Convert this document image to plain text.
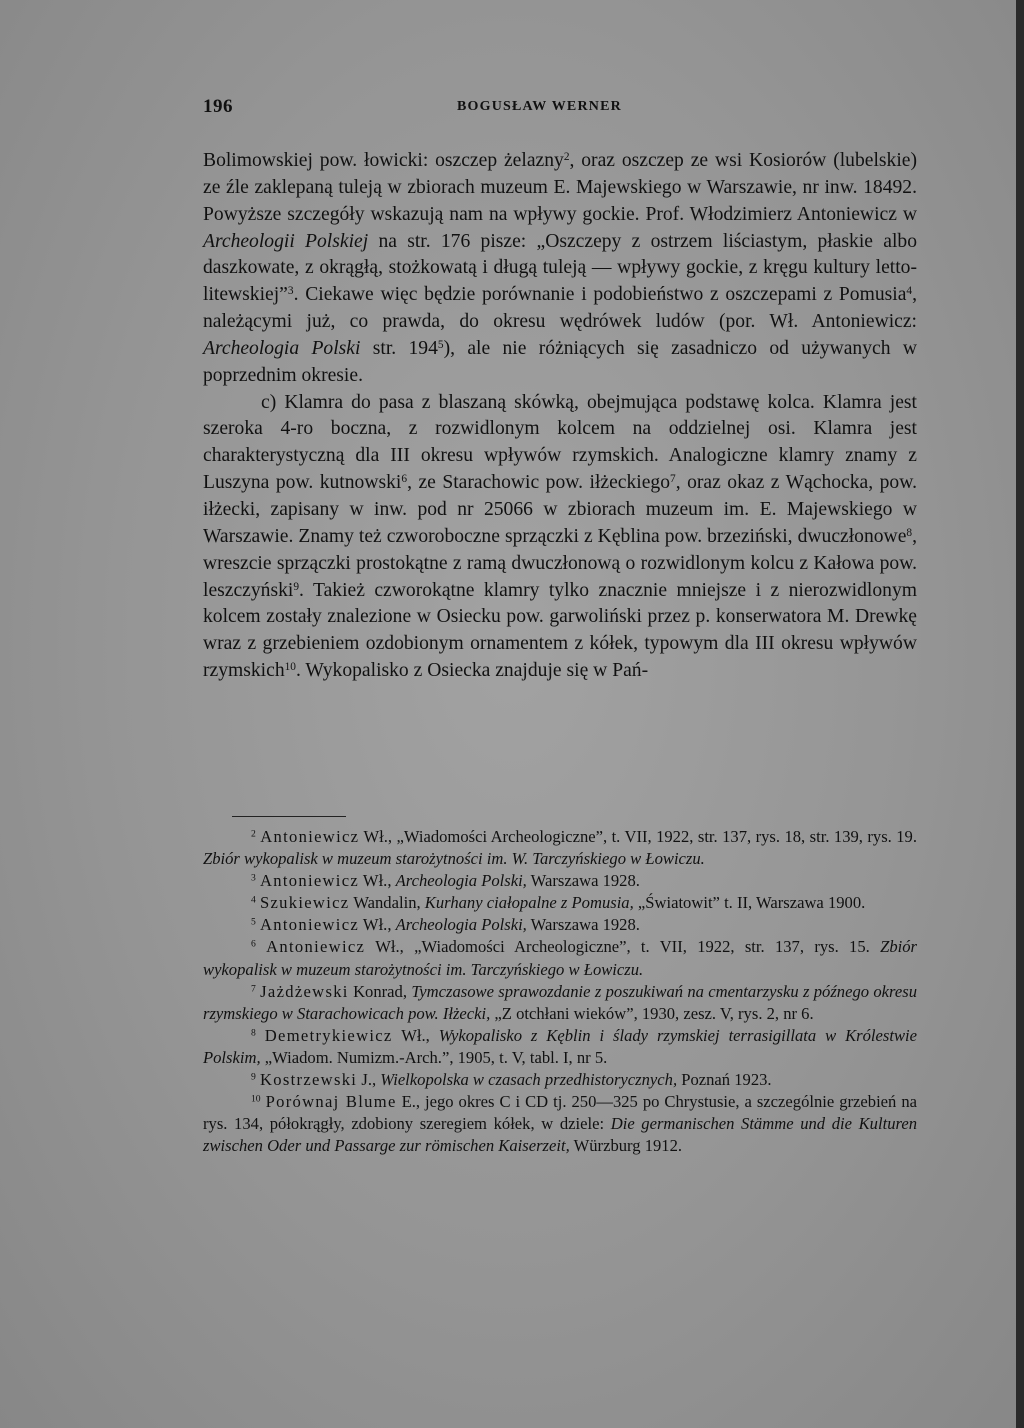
196	BOGUSŁAW WERNER

Bolimowskiej pow. łowicki: oszczep żelazny$^2$, oraz oszczep ze wsi Kosiorów (lubelskie) ze źle zaklepaną tuleją w zbiorach muzeum E. Majewskiego w Warszawie, nr inw. 18492. Powyższe szczegóły wskazują nam na wpływy gockie. Prof. Włodzimierz Antoniewicz w Archeologii Polskiej na str. 176 pisze: „Oszczepy z ostrzem liściastym, płaskie albo daszkowate, z okrągłą, stożkowatą i długą tuleją — wpływy gockie, z kręgu kultury letto-litewskiej”$^3$. Ciekawe więc będzie porównanie i podobieństwo z oszczepami z Pomusia$^4$, należącymi już, co prawda, do okresu wędrówek ludów (por. Wł. Antoniewicz: Archeologia Polski str. $194^5$), ale nie różniących się zasadniczo od używanych w poprzednim okresie.

c) Klamra do pasa z blaszaną skówką, obejmująca podstawę kolca. Klamra jest szeroka 4-ro boczna, z rozwidlonym kolcem na oddzielnej osi. Klamra jest charakterystyczną dla III okresu wpływów rzymskich. Analogiczne klamry znamy z Luszyna pow. kutnowski$^6$, ze Starachowic pow. iłżeckiego$^7$, oraz okaz z Wąchocka, pow. iłżecki, zapisany w inw. pod nr 25066 w zbiorach muzeum im. E. Majewskiego w Warszawie. Znamy też czworoboczne sprzączki z Kęblina pow. brzeziński, dwuczłonowe$^8$, wreszcie sprzączki prostokątne z ramą dwuczłonową o rozwidlonym kolcu z Kałowa pow. leszczyński$^9$. Takież czworokątne klamry tylko znacznie mniejsze i z nierozwidlonym kolcem zostały znalezione w Osiecku pow. garwoliński przez p. konserwatora M. Drewkę wraz z grzebieniem ozdobionym ornamentem z kółek, typowym dla III okresu wpływów rzymskich$^{10}$. Wykopalisko z Osiecka znajduje się w Pań-

$^2$ Antoniewicz Wł., „Wiadomości Archeologiczne”, t. VII, 1922, str. 137, rys. 18, str. 139, rys. 19. Zbiór wykopalisk w muzeum starożytności im. W. Tarczyńskiego w Łowiczu.

$^3$ Antoniewicz Wł., Archeologia Polski, Warszawa 1928.

$^4$ Szukiewicz Wandalin, Kurhany ciałopalne z Pomusia, „Światowit” t. II, Warszawa 1900.

$^5$ Antoniewicz Wł., Archeologia Polski, Warszawa 1928.

$^6$ Antoniewicz Wł., „Wiadomości Archeologiczne”, t. VII, 1922, str. 137, rys. 15. Zbiór wykopalisk w muzeum starożytności im. Tarczyńskiego w Łowiczu.

$^7$ Jażdżewski Konrad, Tymczasowe sprawozdanie z poszukiwań na cmentarzysku z późnego okresu rzymskiego w Starachowicach pow. Iłżecki, „Z otchłani wieków”, 1930, zesz. V, rys. 2, nr 6.

$^8$ Demetrykiewicz Wł., Wykopalisko z Kęblin i ślady rzymskiej terrasigillata w Królestwie Polskim, „Wiadom. Numizm.-Arch.”, 1905, t. V, tabl. I, nr 5.

$^9$ Kostrzewski J., Wielkopolska w czasach przedhistorycznych, Poznań 1923.

$^{10}$ Porównaj Blume E., jego okres C i CD tj. 250—325 po Chrystusie, a szczególnie grzebień na rys. 134, półokrągły, zdobiony szeregiem kółek, w dziele: Die germanischen Stämme und die Kulturen zwischen Oder und Passarge zur römischen Kaiserzeit, Würzburg 1912.
